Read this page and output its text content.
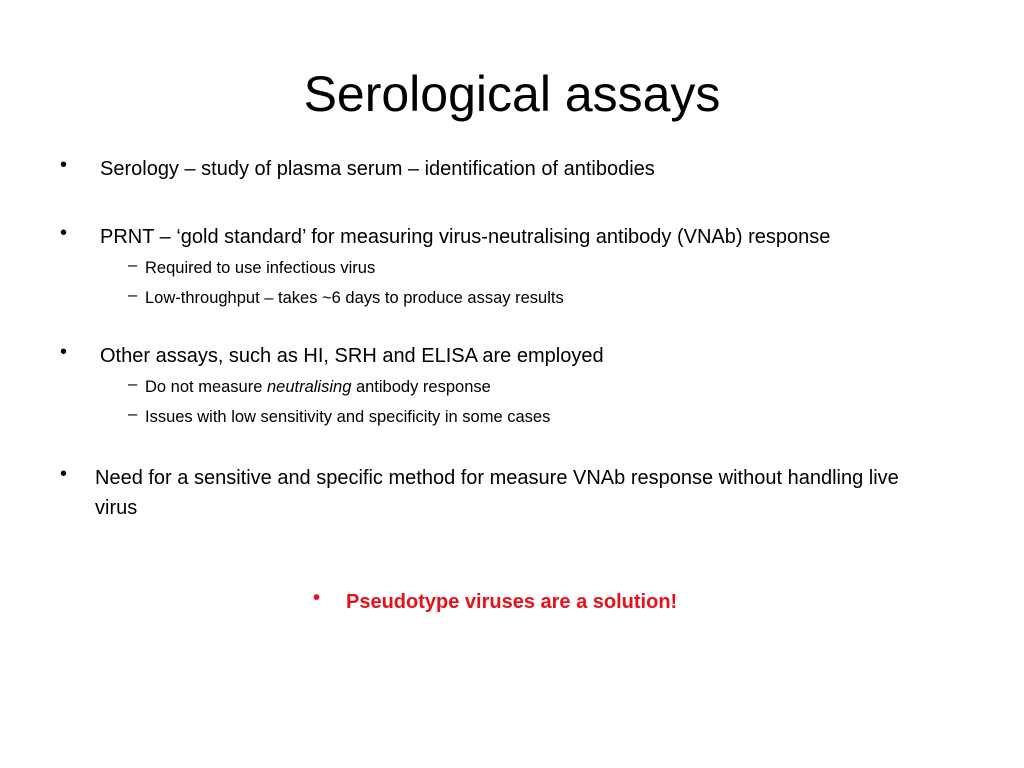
Serological assays
• Serology – study of plasma serum – identification of antibodies
• PRNT – ‘gold standard’ for measuring virus-neutralising antibody (VNAb) response
– Required to use infectious virus
– Low-throughput – takes ~6 days to produce assay results
• Other assays, such as HI, SRH and ELISA are employed
– Do not measure neutralising antibody response
– Issues with low sensitivity and specificity in some cases
• Need for a sensitive and specific method for measure VNAb response without handling live virus
• Pseudotype viruses are a solution!
